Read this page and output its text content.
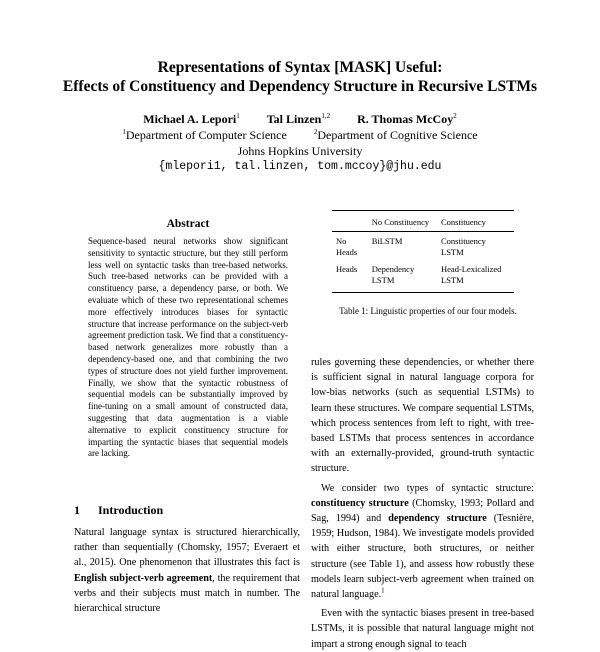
Representations of Syntax [MASK] Useful:
Effects of Constituency and Dependency Structure in Recursive LSTMs
Michael A. Lepori$^1$ Tal Linzen$^{1,2}$ R. Thomas McCoy$^2$
$^1$Department of Computer Science	$^2$Department of Cognitive Science
Johns Hopkins University
{mlepori1, tal.linzen, tom.mccoy}@jhu.edu
Abstract
Sequence-based neural networks show significant sensitivity to syntactic structure, but they still perform less well on syntactic tasks than tree-based networks. Such tree-based networks can be provided with a constituency parse, a dependency parse, or both. We evaluate which of these two representational schemes more effectively introduces biases for syntactic structure that increase performance on the subject-verb agreement prediction task. We find that a constituency-based network generalizes more robustly than a dependency-based one, and that combining the two types of structure does not yield further improvement. Finally, we show that the syntactic robustness of sequential models can be substantially improved by fine-tuning on a small amount of constructed data, suggesting that data augmentation is a viable alternative to explicit constituency structure for imparting the syntactic biases that sequential models are lacking.
	No Constituency	Constituency
No Heads	BiLSTM	Constituency LSTM
Heads	Dependency LSTM	Head-Lexicalized LSTM
Table 1: Linguistic properties of our four models.

rules governing these dependencies, or whether there is sufficient signal in natural language corpora for low-bias networks (such as sequential LSTMs) to learn these structures. We compare sequential LSTMs, which process sentences from left to right, with tree-based LSTMs that process sentences in accordance with an externally-provided, ground-truth syntactic structure.

We consider two types of syntactic structure: constituency structure (Chomsky, 1993; Pollard and Sag, 1994) and dependency structure (Tesnière, 1959; Hudson, 1984). We investigate models provided with either structure, both structures, or neither structure (see Table 1), and assess how robustly these models learn subject-verb agreement when trained on natural language.$^1$

Even with the syntactic biases present in tree-based LSTMs, it is possible that natural language might not impart a strong enough signal to teach

1 Introduction
Natural language syntax is structured hierarchically, rather than sequentially (Chomsky, 1957; Everaert et al., 2015). One phenomenon that illustrates this fact is English subject-verb agreement, the requirement that verbs and their subjects must match in number. The hierarchical structure
